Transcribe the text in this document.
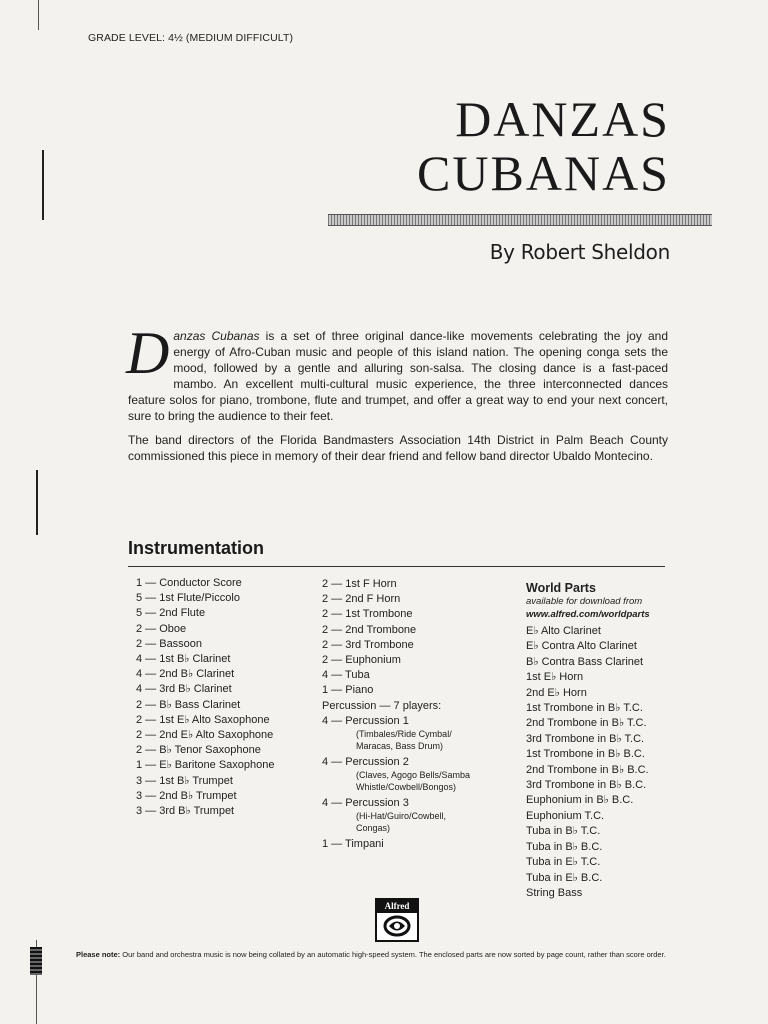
GRADE LEVEL: 4½ (MEDIUM DIFFICULT)
DANZAS
CUBANAS
By Robert Sheldon

Danzas Cubanas is a set of three original dance-like movements celebrating the joy and energy of Afro-Cuban music and people of this island nation. The opening conga sets the mood, followed by a gentle and alluring son-salsa. The closing dance is a fast-paced mambo. An excellent multi-cultural music experience, the three interconnected dances feature solos for piano, trombone, flute and trumpet, and offer a great way to end your next concert, sure to bring the audience to their feet.

The band directors of the Florida Bandmasters Association 14th District in Palm Beach County commissioned this piece in memory of their dear friend and fellow band director Ubaldo Montecino.

Instrumentation
1 — Conductor Score
5 — 1st Flute/Piccolo
5 — 2nd Flute
2 — Oboe
2 — Bassoon
4 — 1st B♭ Clarinet
4 — 2nd B♭ Clarinet
4 — 3rd B♭ Clarinet
2 — B♭ Bass Clarinet
2 — 1st E♭ Alto Saxophone
2 — 2nd E♭ Alto Saxophone
2 — B♭ Tenor Saxophone
1 — E♭ Baritone Saxophone
3 — 1st B♭ Trumpet
3 — 2nd B♭ Trumpet
3 — 3rd B♭ Trumpet
2 — 1st F Horn
2 — 2nd F Horn
2 — 1st Trombone
2 — 2nd Trombone
2 — 3rd Trombone
2 — Euphonium
4 — Tuba
1 — Piano
Percussion — 7 players:
4 — Percussion 1
(Timbales/Ride Cymbal/
Maracas, Bass Drum)
4 — Percussion 2
(Claves, Agogo Bells/Samba
Whistle/Cowbell/Bongos)
4 — Percussion 3
(Hi-Hat/Guiro/Cowbell,
Congas)
1 — Timpani
World Parts
available for download from
www.alfred.com/worldparts
E♭ Alto Clarinet
E♭ Contra Alto Clarinet
B♭ Contra Bass Clarinet
1st E♭ Horn
2nd E♭ Horn
1st Trombone in B♭ T.C.
2nd Trombone in B♭ T.C.
3rd Trombone in B♭ T.C.
1st Trombone in B♭ B.C.
2nd Trombone in B♭ B.C.
3rd Trombone in B♭ B.C.
Euphonium in B♭ B.C.
Euphonium T.C.
Tuba in B♭ T.C.
Tuba in B♭ B.C.
Tuba in E♭ T.C.
Tuba in E♭ B.C.
String Bass
Alfred
Please note: Our band and orchestra music is now being collated by an automatic high-speed system. The enclosed parts are now sorted by page count, rather than score order.
